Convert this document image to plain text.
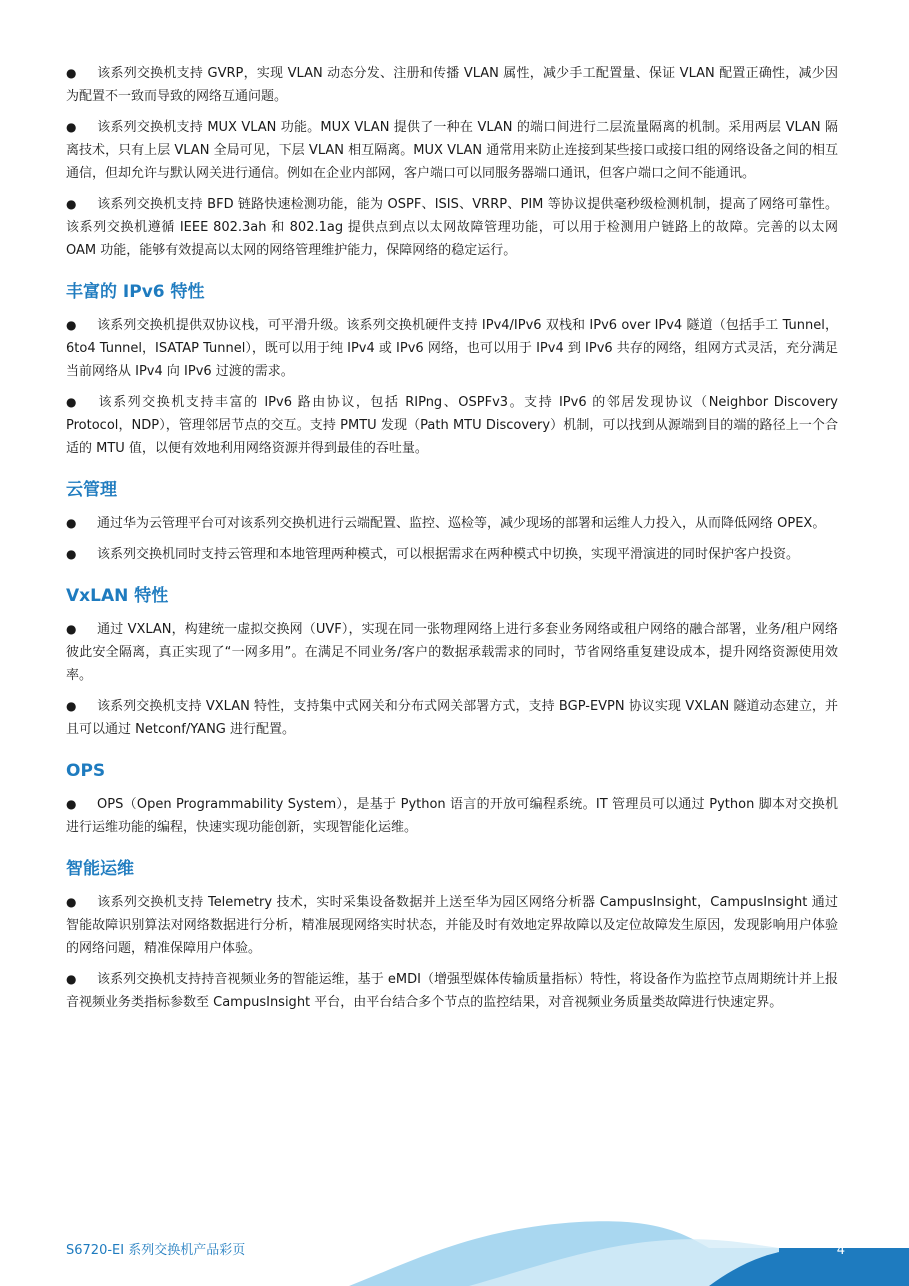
● 该系列交换机支持 GVRP，实现 VLAN 动态分发、注册和传播 VLAN 属性，减少手工配置量、保证 VLAN 配置正确性，减少因为配置不一致而导致的网络互通问题。

● 该系列交换机支持 MUX VLAN 功能。MUX VLAN 提供了一种在 VLAN 的端口间进行二层流量隔离的机制。采用两层 VLAN 隔离技术，只有上层 VLAN 全局可见，下层 VLAN 相互隔离。MUX VLAN 通常用来防止连接到某些接口或接口组的网络设备之间的相互通信，但却允许与默认网关进行通信。例如在企业内部网，客户端口可以同服务器端口通讯，但客户端口之间不能通讯。

● 该系列交换机支持 BFD 链路快速检测功能，能为 OSPF、ISIS、VRRP、PIM 等协议提供毫秒级检测机制，提高了网络可靠性。该系列交换机遵循 IEEE 802.3ah 和 802.1ag 提供点到点以太网故障管理功能，可以用于检测用户链路上的故障。完善的以太网 OAM 功能，能够有效提高以太网的网络管理维护能力，保障网络的稳定运行。

丰富的 IPv6 特性

● 该系列交换机提供双协议栈，可平滑升级。该系列交换机硬件支持 IPv4/IPv6 双栈和 IPv6 over IPv4 隧道（包括手工 Tunnel，6to4 Tunnel，ISATAP Tunnel），既可以用于纯 IPv4 或 IPv6 网络，也可以用于 IPv4 到 IPv6 共存的网络，组网方式灵活，充分满足当前网络从 IPv4 向 IPv6 过渡的需求。

● 该系列交换机支持丰富的 IPv6 路由协议，包括 RIPng、OSPFv3。支持 IPv6 的邻居发现协议（Neighbor Discovery Protocol，NDP），管理邻居节点的交互。支持 PMTU 发现（Path MTU Discovery）机制，可以找到从源端到目的端的路径上一个合适的 MTU 值，以便有效地利用网络资源并得到最佳的吞吐量。

云管理

● 通过华为云管理平台可对该系列交换机进行云端配置、监控、巡检等，减少现场的部署和运维人力投入，从而降低网络 OPEX。

● 该系列交换机同时支持云管理和本地管理两种模式，可以根据需求在两种模式中切换，实现平滑演进的同时保护客户投资。

VxLAN 特性

● 通过 VXLAN，构建统一虚拟交换网（UVF），实现在同一张物理网络上进行多套业务网络或租户网络的融合部署，业务/租户网络彼此安全隔离，真正实现了“一网多用”。在满足不同业务/客户的数据承载需求的同时，节省网络重复建设成本，提升网络资源使用效率。

● 该系列交换机支持 VXLAN 特性，支持集中式网关和分布式网关部署方式，支持 BGP-EVPN 协议实现 VXLAN 隧道动态建立，并且可以通过 Netconf/YANG 进行配置。

OPS

● OPS（Open Programmability System），是基于 Python 语言的开放可编程系统。IT 管理员可以通过 Python 脚本对交换机进行运维功能的编程，快速实现功能创新，实现智能化运维。

智能运维

● 该系列交换机支持 Telemetry 技术，实时采集设备数据并上送至华为园区网络分析器 CampusInsight，CampusInsight 通过智能故障识别算法对网络数据进行分析，精准展现网络实时状态，并能及时有效地定界故障以及定位故障发生原因，发现影响用户体验的网络问题，精准保障用户体验。

● 该系列交换机支持持音视频业务的智能运维，基于 eMDI（增强型媒体传输质量指标）特性，将设备作为监控节点周期统计并上报音视频业务类指标参数至 CampusInsight 平台，由平台结合多个节点的监控结果，对音视频业务质量类故障进行快速定界。

S6720-EI 系列交换机产品彩页	4
